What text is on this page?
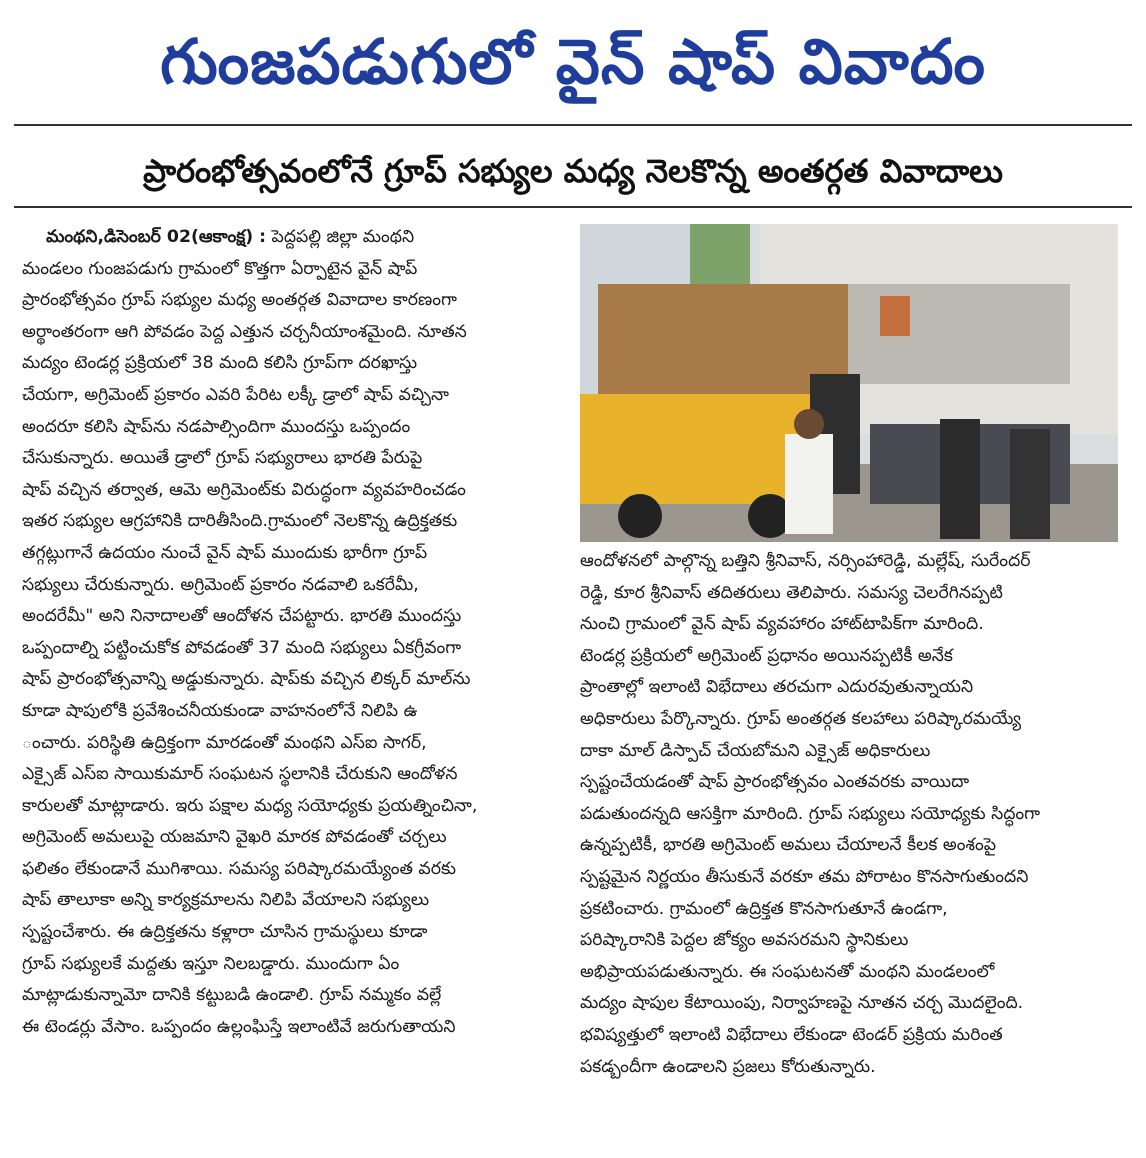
గుంజపడుగులో వైన్ షాప్ వివాదం
ప్రారంభోత్సవంలోనే గ్రూప్ సభ్యుల మధ్య నెలకొన్న అంతర్గత వివాదాలు
మంథని,డిసెంబర్ 02(ఆకాంక్ష) : పెద్దపల్లి జిల్లా మంథని
మండలం గుంజపడుగు గ్రామంలో కొత్తగా ఏర్పాటైన వైన్ షాప్
ప్రారంభోత్సవం గ్రూప్ సభ్యుల మధ్య అంతర్గత వివాదాల కారణంగా
అర్థాంతరంగా ఆగి పోవడం పెద్ద ఎత్తున చర్చనీయాంశమైంది. నూతన
మద్యం టెండర్ల ప్రక్రియలో 38 మంది కలిసి గ్రూప్‌గా దరఖాస్తు
చేయగా, అగ్రిమెంట్ ప్రకారం ఎవరి పేరిట లక్కీ డ్రాలో షాప్ వచ్చినా
అందరూ కలిసి షాప్‌ను నడపాల్సిందిగా ముందస్తు ఒప్పందం
చేసుకున్నారు. అయితే డ్రాలో గ్రూప్ సభ్యురాలు భారతి పేరుపై
షాప్ వచ్చిన తర్వాత, ఆమె అగ్రిమెంట్‌కు విరుద్ధంగా వ్యవహరించడం
ఇతర సభ్యుల ఆగ్రహానికి దారితీసింది.గ్రామంలో నెలకొన్న ఉద్రిక్తతకు
తగ్గట్లుగానే ఉదయం నుంచే వైన్ షాప్ ముందుకు భారీగా గ్రూప్
సభ్యులు చేరుకున్నారు. అగ్రిమెంట్ ప్రకారం నడవాలి ఒకరేమీ,
అందరేమీ" అని నినాదాలతో ఆందోళన చేపట్టారు. భారతి ముందస్తు
ఒప్పందాల్ని పట్టించుకోక పోవడంతో 37 మంది సభ్యులు ఏకగ్రీవంగా
షాప్ ప్రారంభోత్సవాన్ని అడ్డుకున్నారు. షాప్‌కు వచ్చిన లిక్కర్ మాల్‌ను
కూడా షాపులోకి ప్రవేశించనీయకుండా వాహనంలోనే నిలిపి ఉ
ంచారు. పరిస్థితి ఉద్రిక్తంగా మారడంతో మంథని ఎస్ఐ సాగర్,
ఎక్సైజ్ ఎస్ఐ సాయికుమార్ సంఘటన స్థలానికి చేరుకుని ఆందోళన
కారులతో మాట్లాడారు. ఇరు పక్షాల మధ్య సయోధ్యకు ప్రయత్నించినా,
అగ్రిమెంట్ అమలుపై యజమాని వైఖరి మారక పోవడంతో చర్చలు
ఫలితం లేకుండానే ముగిశాయి. సమస్య పరిష్కారమయ్యేంత వరకు
షాప్ తాలూకా అన్ని కార్యక్రమాలను నిలిపి వేయాలని సభ్యులు
స్పష్టంచేశారు. ఈ ఉద్రిక్తతను కళ్లారా చూసిన గ్రామస్థులు కూడా
గ్రూప్ సభ్యులకే మద్దతు ఇస్తూ నిలబడ్డారు. ముందుగా ఏం
మాట్లాడుకున్నామో దానికి కట్టుబడి ఉండాలి. గ్రూప్ నమ్మకం వల్లే
ఈ టెండర్లు వేసాం. ఒప్పందం ఉల్లంఘిస్తే ఇలాంటివే జరుగుతాయని
ఆందోళనలో పాల్గొన్న బత్తిని శ్రీనివాస్, నర్సింహారెడ్డి, మల్లేష్, సురేందర్
రెడ్డి, కూర శ్రీనివాస్ తదితరులు తెలిపారు. సమస్య చెలరేగినప్పటి
నుంచి గ్రామంలో వైన్ షాప్ వ్యవహారం హాట్‌టాపిక్‌గా మారింది.
టెండర్ల ప్రక్రియలో అగ్రిమెంట్ ప్రధానం అయినప్పటికీ అనేక
ప్రాంతాల్లో ఇలాంటి విభేదాలు తరచుగా ఎదురవుతున్నాయని
అధికారులు పేర్కొన్నారు. గ్రూప్ అంతర్గత కలహాలు పరిష్కారమయ్యే
దాకా మాల్ డిస్పాచ్ చేయబోమని ఎక్సైజ్ అధికారులు
స్పష్టంచేయడంతో షాప్ ప్రారంభోత్సవం ఎంతవరకు వాయిదా
పడుతుందన్నది ఆసక్తిగా మారింది. గ్రూప్ సభ్యులు సయోధ్యకు సిద్ధంగా
ఉన్నప్పటికీ, భారతి అగ్రిమెంట్ అమలు చేయాలనే కీలక అంశంపై
స్పష్టమైన నిర్ణయం తీసుకునే వరకూ తమ పోరాటం కొనసాగుతుందని
ప్రకటించారు. గ్రామంలో ఉద్రిక్తత కొనసాగుతూనే ఉండగా,
పరిష్కారానికి పెద్దల జోక్యం అవసరమని స్థానికులు
అభిప్రాయపడుతున్నారు. ఈ సంఘటనతో మంథని మండలంలో
మద్యం షాపుల కేటాయింపు, నిర్వాహణపై నూతన చర్చ మొదలైంది.
భవిష్యత్తులో ఇలాంటి విభేదాలు లేకుండా టెండర్ ప్రక్రియ మరింత
పకడ్బందీగా ఉండాలని ప్రజలు కోరుతున్నారు.
